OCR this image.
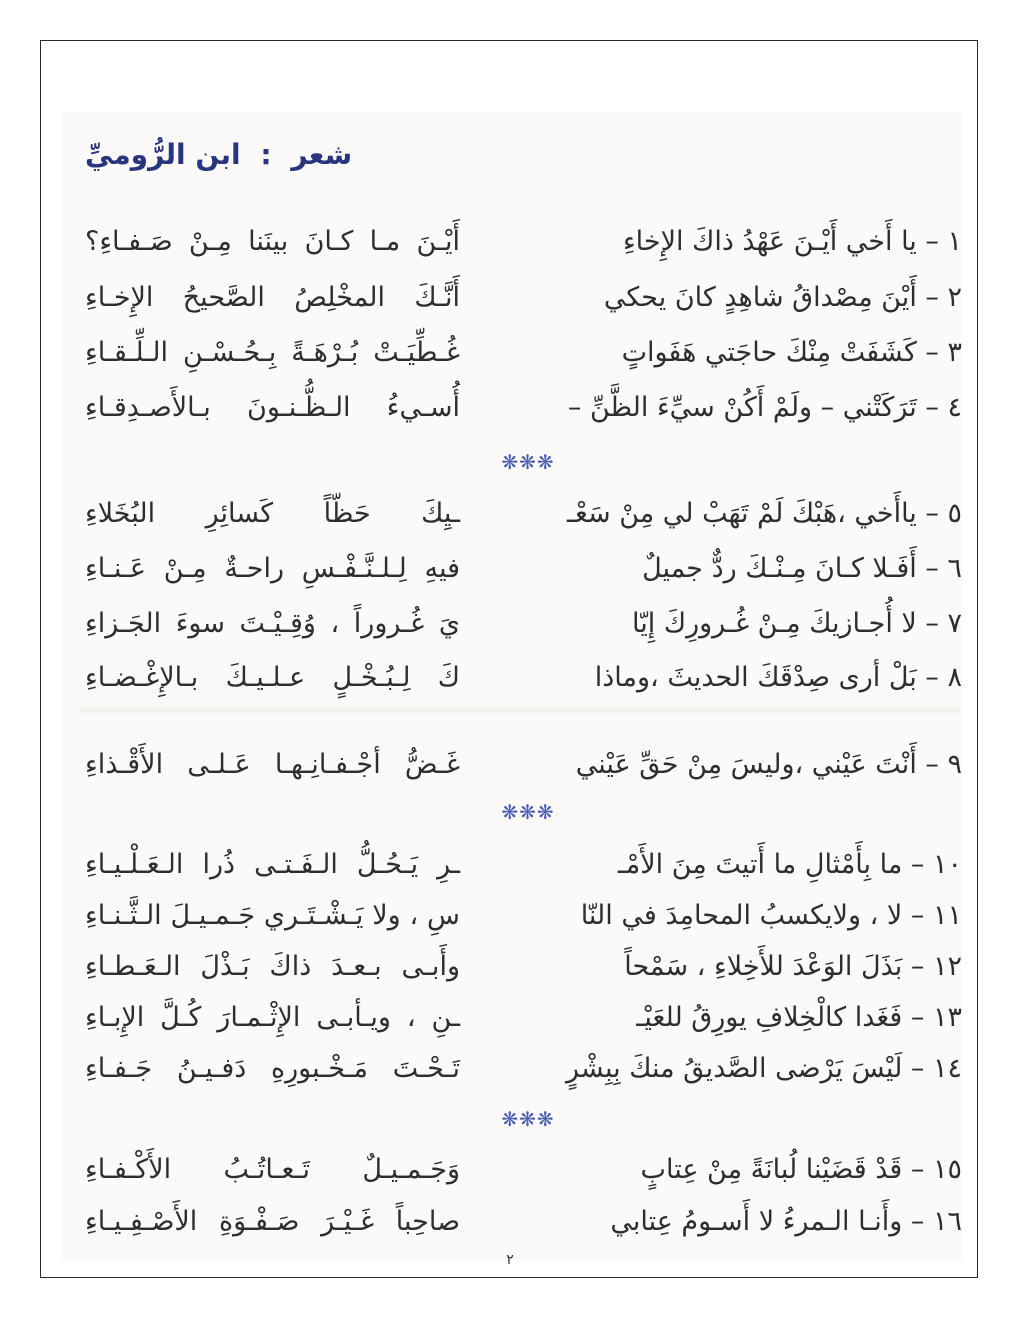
شعر : ابن الرُّوميِّ
١ – يا أَخي أَيْـنَ عَهْدُ ذاكَ الإِخاءِ
أَيْـنَ مـا كـانَ بينَنا مِـنْ صَـفـاءِ؟
٢ – أَيْنَ مِصْداقُ شاهِدٍ كانَ يحكي
أَنَّـكَ المخْلِصُ الصَّحيحُ الإِخـاءِ
٣ – كَشَفَتْ مِنْكَ حاجَتي هَفَواتٍ
غُـطِّيَـتْ بُـرْهَـةً بِـحُـسْـنِ الـلِّـقـاءِ
٤ – تَرَكَتْني – ولَمْ أَكُنْ سيِّءَ الظَّنِّ –
أُسـيءُ الـظُّـنـونَ بـالأَصـدِقـاءِ
❋❋❋
٥ – ياأَخي ،هَبْكَ لَمْ تَهَبْ لي مِنْ سَعْـ
ـيِكَ حَظّاً كَسائِرِ البُخَلاءِ
٦ – أَفَـلا كـانَ مِـنْـكَ ردٌّ جميلٌ
فيهِ لِـلـنَّـفْـسِ راحـةٌ مِـنْ عَـنـاءِ
٧ – لا أُجـازيكَ مِـنْ غُـرورِكَ إِيّا
يَ غُـروراً ، وُقِـيْـتَ سوءَ الجَـزاءِ
٨ – بَلْ أرى صِدْقَكَ الحديثَ ،وماذا
كَ لِـبُـخْـلٍ عـلـيـكَ بـالإِغْـضـاءِ
٩ – أَنْتَ عَيْني ،وليسَ مِنْ حَقِّ عَيْني
غَـضُّ أجْـفـانِـهـا عَـلـى الأَقْـذاءِ
❋❋❋
١٠ – ما بِأَمْثالِ ما أَتيتَ مِنَ الأَمْـ
ـرِ يَـحُـلُّ الـفَـتـى ذُرا الـعَـلْـيـاءِ
١١ – لا ، ولايكسبُ المحامِدَ في النّا
سِ ، ولا يَـشْـتَـري جَـمـيـلَ الـثَّـنـاءِ
١٢ – بَذَلَ الوَعْدَ للأَخِلاءِ ، سَمْحاً
وأَبـى بـعـدَ ذاكَ بَـذْلَ الـعَـطـاءِ
١٣ – فَغَدا كالْخِلافِ يورِقُ للعَيْـ
ـنِ ، ويـأبـى الإِثْـمـارَ كُـلَّ الإِبـاءِ
١٤ – لَيْسَ يَرْضى الصَّديقُ منكَ بِبِشْرٍ
تَـحْـتَ مَـخْـبورِهِ دَفـيـنُ جَـفـاءِ
❋❋❋
١٥ – قَدْ قَضَيْنا لُبانَةً مِنْ عِتابٍ
وَجَـمـيـلٌ تَـعـاتُـبُ الأَكْـفـاءِ
١٦ – وأَنـا الـمرءُ لا أَسـومُ عِتابي
صاحِباً غَـيْـرَ صَـفْـوَةِ الأَصْـفِـيـاءِ
٢
